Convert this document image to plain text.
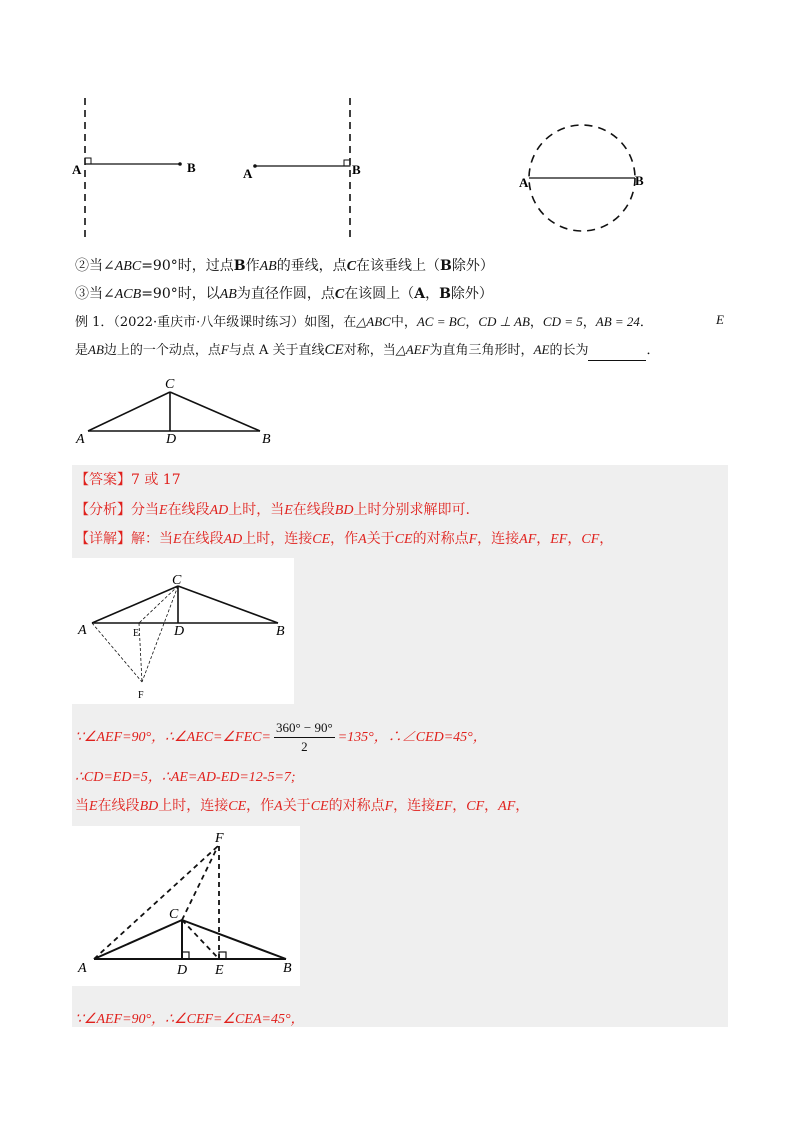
A	B	A	B
A	B
②当∠ABC=90°时，过点B作AB的垂线，点C在该垂线上（B除外）
③当∠ACB=90°时，以AB为直径作圆，点C在该圆上（A，B除外）
例 1．（2022·重庆市·八年级课时练习）如图，在△ABC中，AC = BC，CD ⊥ AB，CD = 5，AB = 24．	E
是AB边上的一个动点，点F与点 A 关于直线CE对称，当△AEF为直角三角形时，AE的长为	．
A
C
D	B
【答案】7 或 17
【分析】分当E在线段AD上时，当E在线段BD上时分别求解即可.
【详解】解：当E在线段AD上时，连接CE，作A关于CE的对称点F，连接AF，EF，CF，
A
C
D	B
E
F
∵∠AEF=90°，∴∠AEC=∠FEC= $\frac{360^\circ - 90^\circ}{2} =135^\circ$，∴∠CED=45°，
∴CD=ED=5，∴AE=AD-ED=12-5=7;
当E在线段BD上时，连接CE，作A关于CE的对称点F，连接EF，CF，AF，
F
C
A	D E	B
∵∠AEF=90°，∴∠CEF=∠CEA=45°，
